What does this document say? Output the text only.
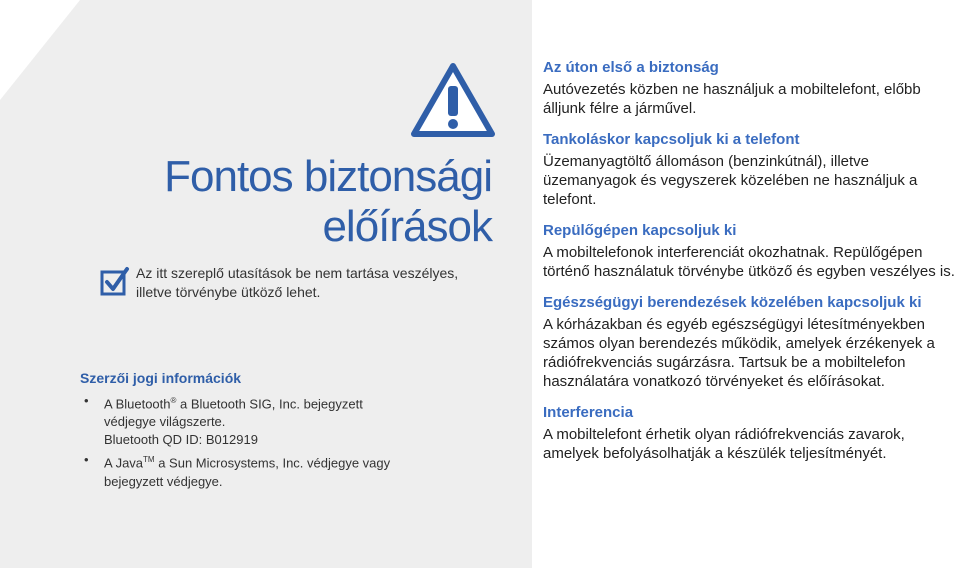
Fontos biztonsági
előírások
Az itt szereplő utasítások be nem tartása veszélyes,
illetve törvénybe ütköző lehet.
Szerzői jogi információk
• A Bluetooth® a Bluetooth SIG, Inc. bejegyzett
védjegye világszerte.
Bluetooth QD ID: B012919
• A Java™ a Sun Microsystems, Inc. védjegye vagy
bejegyzett védjegye.
Az úton első a biztonság

Autóvezetés közben ne használjuk a mobiltelefont, előbb álljunk félre a járművel.

Tankoláskor kapcsoljuk ki a telefont

Üzemanyagtöltő állomáson (benzinkútnál), illetve üzemanyagok és vegyszerek közelében ne használjuk a telefont.

Repülőgépen kapcsoljuk ki

A mobiltelefonok interferenciát okozhatnak. Repülőgépen történő használatuk törvénybe ütköző és egyben veszélyes is.

Egészségügyi berendezések közelében kapcsoljuk ki

A kórházakban és egyéb egészségügyi létesítményekben számos olyan berendezés működik, amelyek érzékenyek a rádiófrekvenciás sugárzásra. Tartsuk be a mobiltelefon használatára vonatkozó törvényeket és előírásokat.

Interferencia

A mobiltelefont érhetik olyan rádiófrekvenciás zavarok, amelyek befolyásolhatják a készülék teljesítményét.
